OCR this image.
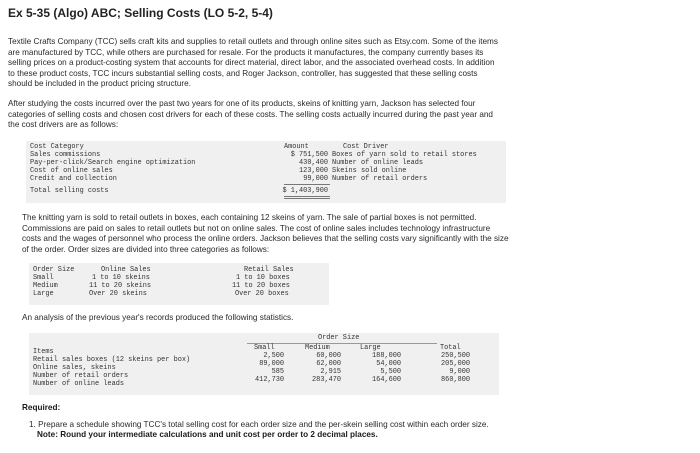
Ex 5-35 (Algo) ABC; Selling Costs (LO 5-2, 5-4)
Textile Crafts Company (TCC) sells craft kits and supplies to retail outlets and through online sites such as Etsy.com. Some of the items
are manufactured by TCC, while others are purchased for resale. For the products it manufactures, the company currently bases its
selling prices on a product-costing system that accounts for direct material, direct labor, and the associated overhead costs. In addition
to these product costs, TCC incurs substantial selling costs, and Roger Jackson, controller, has suggested that these selling costs
should be included in the product pricing structure.
After studying the costs incurred over the past two years for one of its products, skeins of knitting yarn, Jackson has selected four
categories of selling costs and chosen cost drivers for each of these costs. The selling costs actually incurred during the past year and
the cost drivers are as follows:
Cost Category	Amount	Cost Driver
Sales commissions	$ 751,500 Boxes of yarn sold to retail stores
Pay-per-click/Search engine optimization	430,400 Number of online leads
Cost of online sales	123,000 Skeins sold online
Credit and collection	99,000 Number of retail orders
Total selling costs	$ 1,403,900
The knitting yarn is sold to retail outlets in boxes, each containing 12 skeins of yarn. The sale of partial boxes is not permitted.
Commissions are paid on sales to retail outlets but not on online sales. The cost of online sales includes technology infrastructure
costs and the wages of personnel who process the online orders. Jackson believes that the selling costs vary significantly with the size
of the order. Order sizes are divided into three categories as follows:
Order Size	Online Sales	Retail Sales
Small	1 to 10 skeins	1 to 10 boxes
Medium	11 to 20 skeins	11 to 20 boxes
Large	Over 20 skeins	Over 20 boxes
An analysis of the previous year's records produced the following statistics.
Order Size
Items	Small	Medium	Large	Total
Retail sales boxes (12 skeins per box)	2,500	60,000	188,000	250,500
Online sales, skeins	89,000	62,000	54,000	205,000
Number of retail orders	585	2,915	5,500	9,000
Number of online leads	412,730	283,470	164,600	860,800
Required:
1. Prepare a schedule showing TCC's total selling cost for each order size and the per-skein selling cost within each order size.
Note: Round your intermediate calculations and unit cost per order to 2 decimal places.
